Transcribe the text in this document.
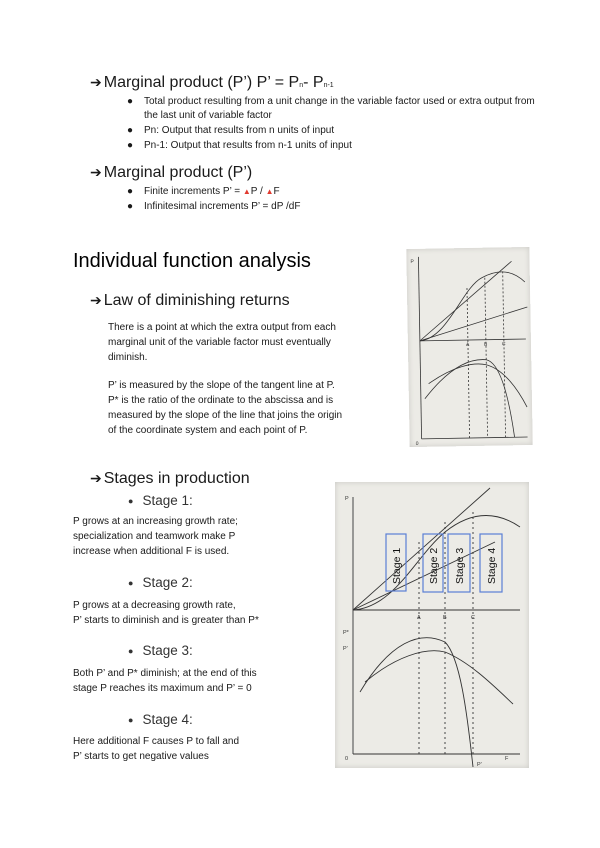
➔ Marginal product (P’) P’ = Pn- Pn-1
● Total product resulting from a unit change in the variable factor used or extra output from the last unit of variable factor
● Pn: Output that results from n units of input
● Pn-1: Output that results from n-1 units of input
➔ Marginal product (P’)
● Finite increments P’ = ▲P / ▲F
● Infinitesimal increments P’ = dP /dF
Individual function analysis
➔ Law of diminishing returns
There is a point at which the extra output from each marginal unit of the variable factor must eventually diminish.
P’ is measured by the slope of the tangent line at P.
P* is the ratio of the ordinate to the abscissa and is
measured by the slope of the line that joins the origin
of the coordinate system and each point of P.
P
0
A	B	C
➔ Stages in production
● Stage 1:
P grows at an increasing growth rate;
specialization and teamwork make P
increase when additional F is used.
● Stage 2:
P grows at a decreasing growth rate,
P’ starts to diminish and is greater than P*
● Stage 3:
Both P’ and P* diminish; at the end of this
stage P reaches its maximum and P’ = 0
● Stage 4:
Here additional F causes P to fall and
P’ starts to get negative values
Stage 1 Stage 2 Stage 3 Stage 4
P
P*
P’
0
A	B	C
F
P’
